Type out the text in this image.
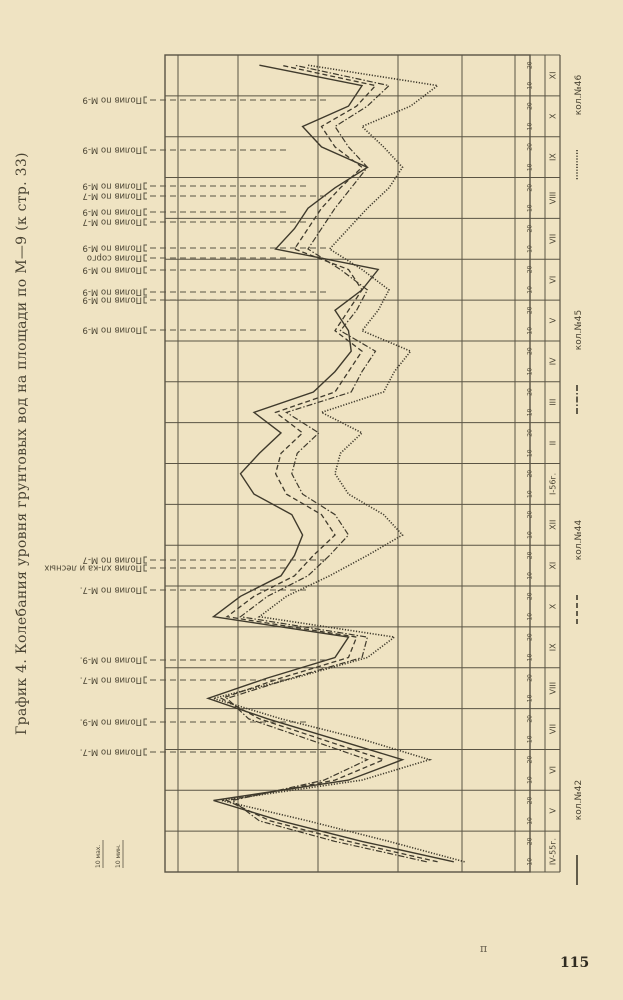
График 4. Колебания уровня грунтовых вод на площади по М—9 (к стр. 33)
IV-55г.
V
VI
VII
VIII
IX
X
XI
XII
I-56г.
II
III
IV
V
VI
VII
VIII
IX
X
XI
10
20
10
20
10
20
10
20
10
20
10
20
10
20
10
20
10
20
10
20
10
20
10
20
10
20
10
20
10
20
10
20
10
20
10
20
10
20
10
20
10 мах. 10 мин.
Полив по М-7.
Полив по М-9.
Полив по М-7.
Полив по М-9.
Полив по М-7.
Полив хл-ка и лесных
Полив по М-7
Полив по М-9
Полив по М-9
Полив по М-9
Полив по М-9
Полив сорго
Полив по М-9
Полив по М-7
Полив по М-9
Полив по М-7
Полив по М-9
Полив по М-9
Полив по М-9
кол.№42
кол.№44
кол.№45
кол.№46
п
115
